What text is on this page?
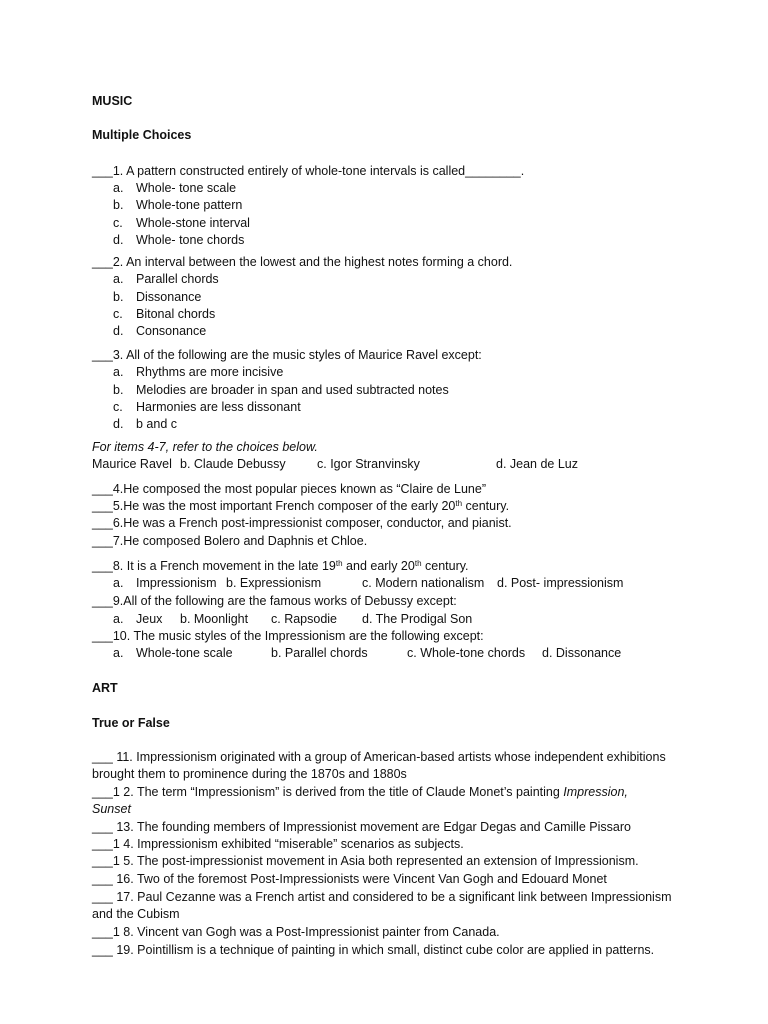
MUSIC
Multiple Choices
___1. A pattern constructed entirely of whole-tone intervals is called________.
a. Whole- tone scale
b. Whole-tone pattern
c. Whole-stone interval
d. Whole- tone chords
___2. An interval between the lowest and the highest notes forming a chord.
a. Parallel chords
b. Dissonance
c. Bitonal chords
d. Consonance
___3. All of the following are the music styles of Maurice Ravel except:
a. Rhythms are more incisive
b. Melodies are broader in span and used subtracted notes
c. Harmonies are less dissonant
d. b and c
For items 4-7, refer to the choices below.
Maurice Ravel b. Claude Debussy	c. Igor Stranvinsky	d. Jean de Luz
___4.He composed the most popular pieces known as “Claire de Lune”
___5.He was the most important French composer of the early 20th century.
___6.He was a French post-impressionist composer, conductor, and pianist.
___7.He composed Bolero and Daphnis et Chloe.
___8. It is a French movement in the late 19th and early 20th century.
a. Impressionism b. Expressionism	c. Modern nationalism d. Post- impressionism
___9.All of the following are the famous works of Debussy except:
a. Jeux b. Moonlight c. Rapsodie d. The Prodigal Son
___10. The music styles of the Impressionism are the following except:
a. Whole-tone scale	b. Parallel chords	c. Whole-tone chords d. Dissonance
ART
True or False
___ 11. Impressionism originated with a group of American-based artists whose independent exhibitions
brought them to prominence during the 1870s and 1880s
___1 2. The term “Impressionism” is derived from the title of Claude Monet’s painting Impression,
Sunset
___ 13. The founding members of Impressionist movement are Edgar Degas and Camille Pissaro
___1 4. Impressionism exhibited “miserable” scenarios as subjects.
___1 5. The post-impressionist movement in Asia both represented an extension of Impressionism.
___ 16. Two of the foremost Post-Impressionists were Vincent Van Gogh and Edouard Monet
___ 17. Paul Cezanne was a French artist and considered to be a significant link between Impressionism
and the Cubism
___1 8. Vincent van Gogh was a Post-Impressionist painter from Canada.
___ 19. Pointillism is a technique of painting in which small, distinct cube color are applied in patterns.
